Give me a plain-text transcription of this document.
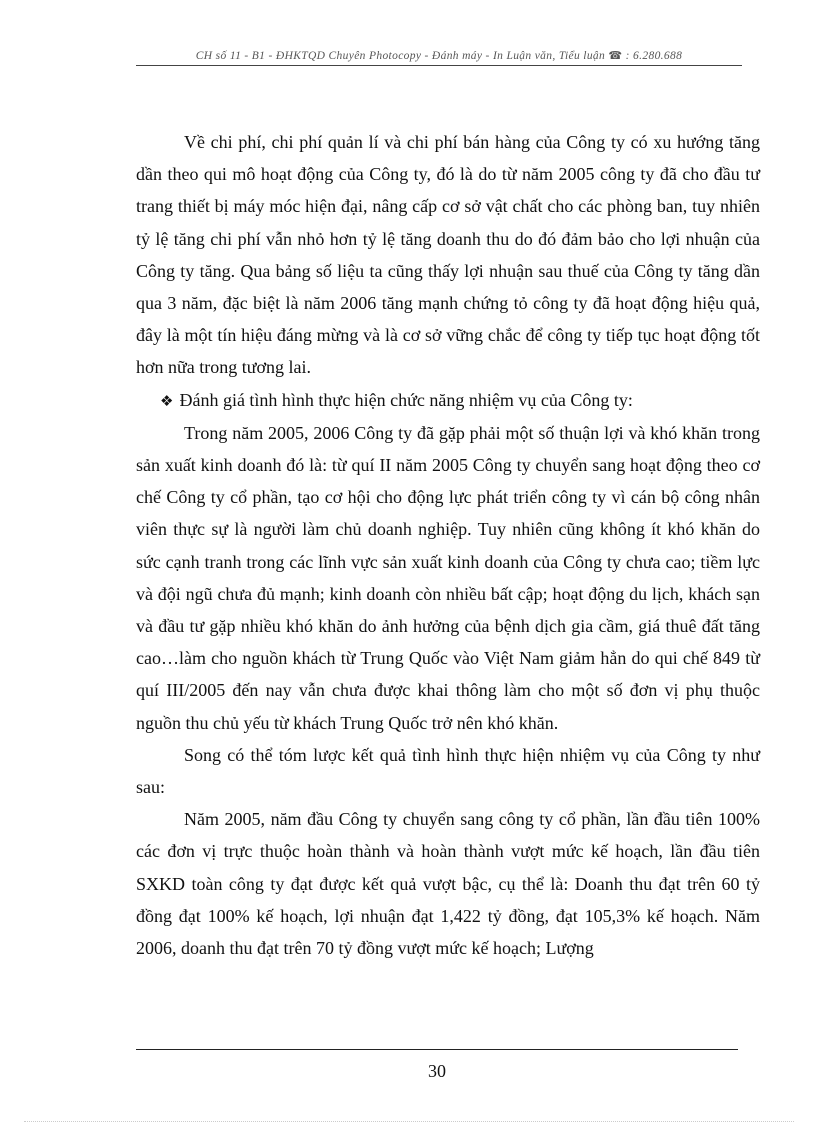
CH số 11 - B1 - ĐHKTQD Chuyên Photocopy - Đánh máy - In Luận văn, Tiểu luận ☎ : 6.280.688

Về chi phí, chi phí quản lí và chi phí bán hàng của Công ty có xu hướng tăng dần theo qui mô hoạt động của Công ty, đó là do từ năm 2005 công ty đã cho đầu tư trang thiết bị máy móc hiện đại, nâng cấp cơ sở vật chất cho các phòng ban, tuy nhiên tỷ lệ tăng chi phí vẫn nhỏ hơn tỷ lệ tăng doanh thu do đó đảm bảo cho lợi nhuận của Công ty tăng. Qua bảng số liệu ta cũng thấy lợi nhuận sau thuế của Công ty tăng dần qua 3 năm, đặc biệt là năm 2006 tăng mạnh chứng tỏ công ty đã hoạt động hiệu quả, đây là một tín hiệu đáng mừng và là cơ sở vững chắc để công ty tiếp tục hoạt động tốt hơn nữa trong tương lai.

❖ Đánh giá tình hình thực hiện chức năng nhiệm vụ của Công ty:

Trong năm 2005, 2006 Công ty đã gặp phải một số thuận lợi và khó khăn trong sản xuất kinh doanh đó là: từ quí II năm 2005 Công ty chuyển sang hoạt động theo cơ chế Công ty cổ phần, tạo cơ hội cho động lực phát triển công ty vì cán bộ công nhân viên thực sự là người làm chủ doanh nghiệp. Tuy nhiên cũng không ít khó khăn do sức cạnh tranh trong các lĩnh vực sản xuất kinh doanh của Công ty chưa cao; tiềm lực và đội ngũ chưa đủ mạnh; kinh doanh còn nhiều bất cập; hoạt động du lịch, khách sạn và đầu tư gặp nhiều khó khăn do ảnh hưởng của bệnh dịch gia cầm, giá thuê đất tăng cao…làm cho nguồn khách từ Trung Quốc vào Việt Nam giảm hẳn do qui chế 849 từ quí III/2005 đến nay vẫn chưa được khai thông làm cho một số đơn vị phụ thuộc nguồn thu chủ yếu từ khách Trung Quốc trở nên khó khăn.

Song có thể tóm lược kết quả tình hình thực hiện nhiệm vụ của Công ty như sau:

Năm 2005, năm đầu Công ty chuyển sang công ty cổ phần, lần đầu tiên 100% các đơn vị trực thuộc hoàn thành và hoàn thành vượt mức kế hoạch, lần đầu tiên SXKD toàn công ty đạt được kết quả vượt bậc, cụ thể là: Doanh thu đạt trên 60 tỷ đồng đạt 100% kế hoạch, lợi nhuận đạt 1,422 tỷ đồng, đạt 105,3% kế hoạch. Năm 2006, doanh thu đạt trên 70 tỷ đồng vượt mức kế hoạch; Lượng

30
